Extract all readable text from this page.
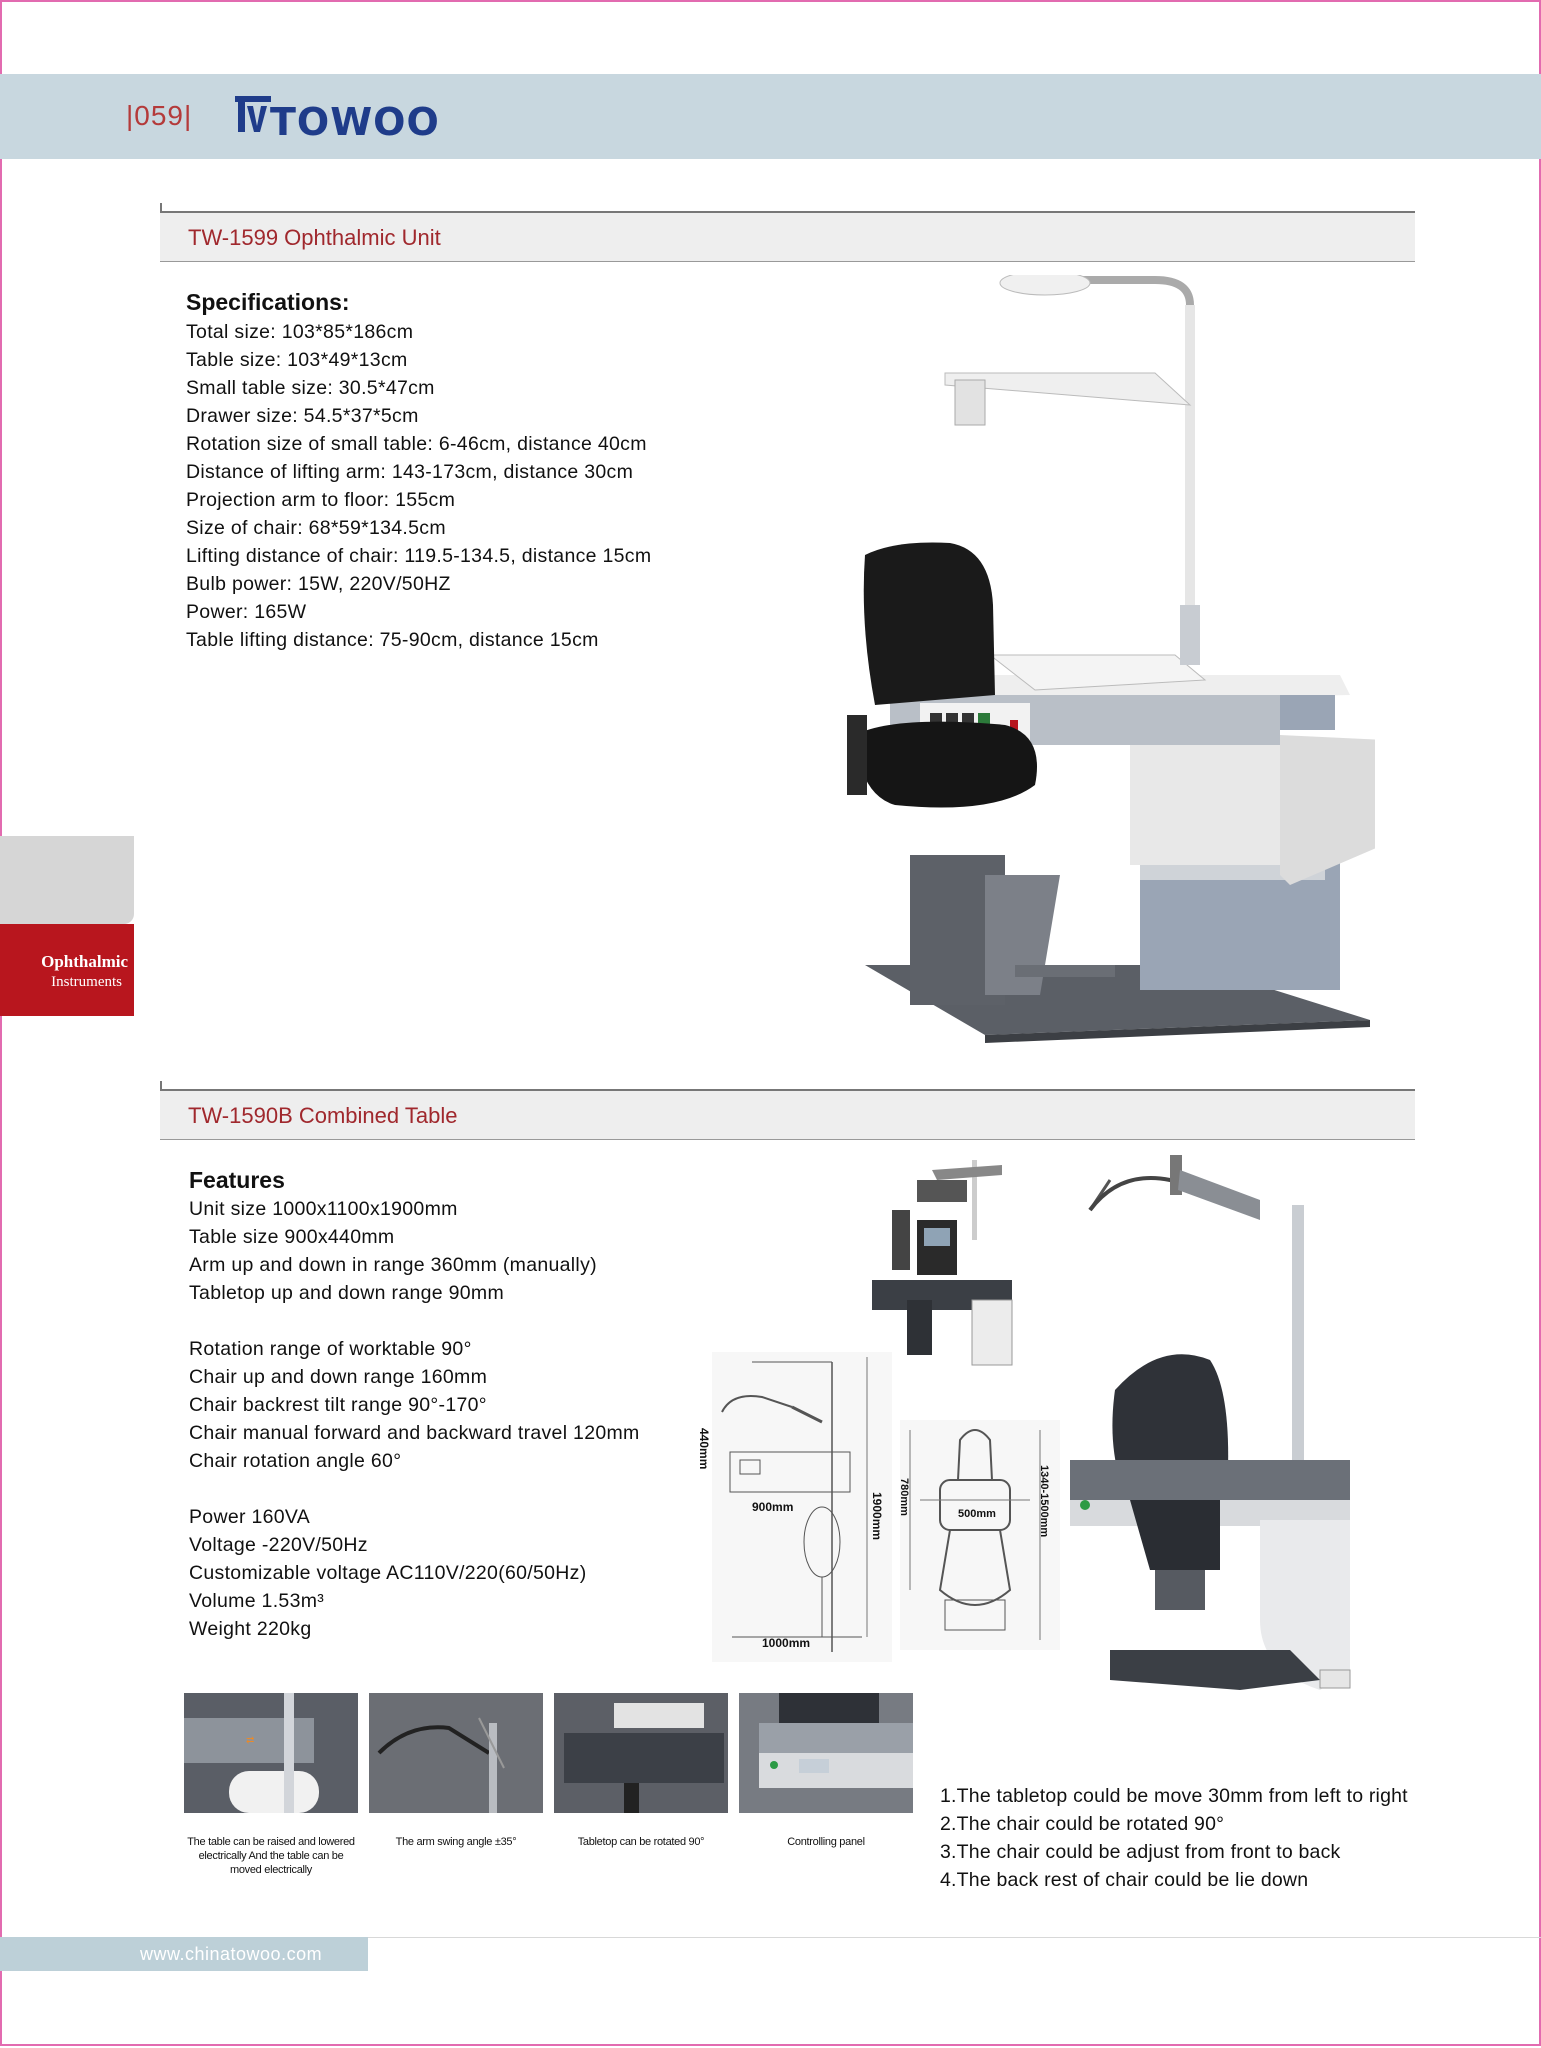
|059| TOWOO
TW-1599 Ophthalmic Unit
Specifications:
Total size: 103*85*186cm
Table size: 103*49*13cm
Small table size: 30.5*47cm
Drawer size: 54.5*37*5cm
Rotation size of small table: 6-46cm, distance 40cm
Distance of lifting arm: 143-173cm, distance 30cm
Projection arm to floor: 155cm
Size of chair: 68*59*134.5cm
Lifting distance of chair: 119.5-134.5, distance 15cm
Bulb power: 15W, 220V/50HZ
Power: 165W
Table lifting distance: 75-90cm, distance 15cm
Ophthalmic
Instruments
TW-1590B Combined Table
Features
Unit size 1000x1100x1900mm
Table size 900x440mm
Arm up and down in range 360mm (manually)
Tabletop up and down range 90mm
Rotation range of worktable 90°
Chair up and down range 160mm
Chair backrest tilt range 90°-170°
Chair manual forward and backward travel 120mm
Chair rotation angle 60°
Power 160VA
Voltage -220V/50Hz
Customizable voltage AC110V/220(60/50Hz)
Volume 1.53m³
Weight 220kg
440mm
900mm	1900mm
1000mm
780mm	500mm	1340-1500mm
⇄
The table can be raised and lowered electrically And the table can be moved electrically
The arm swing angle ±35°	Tabletop can be rotated 90°	Controlling panel
1.The tabletop could be move 30mm from left to right
2.The chair could be rotated 90°
3.The chair could be adjust from front to back
4.The back rest of chair could be lie down
www.chinatowoo.com
